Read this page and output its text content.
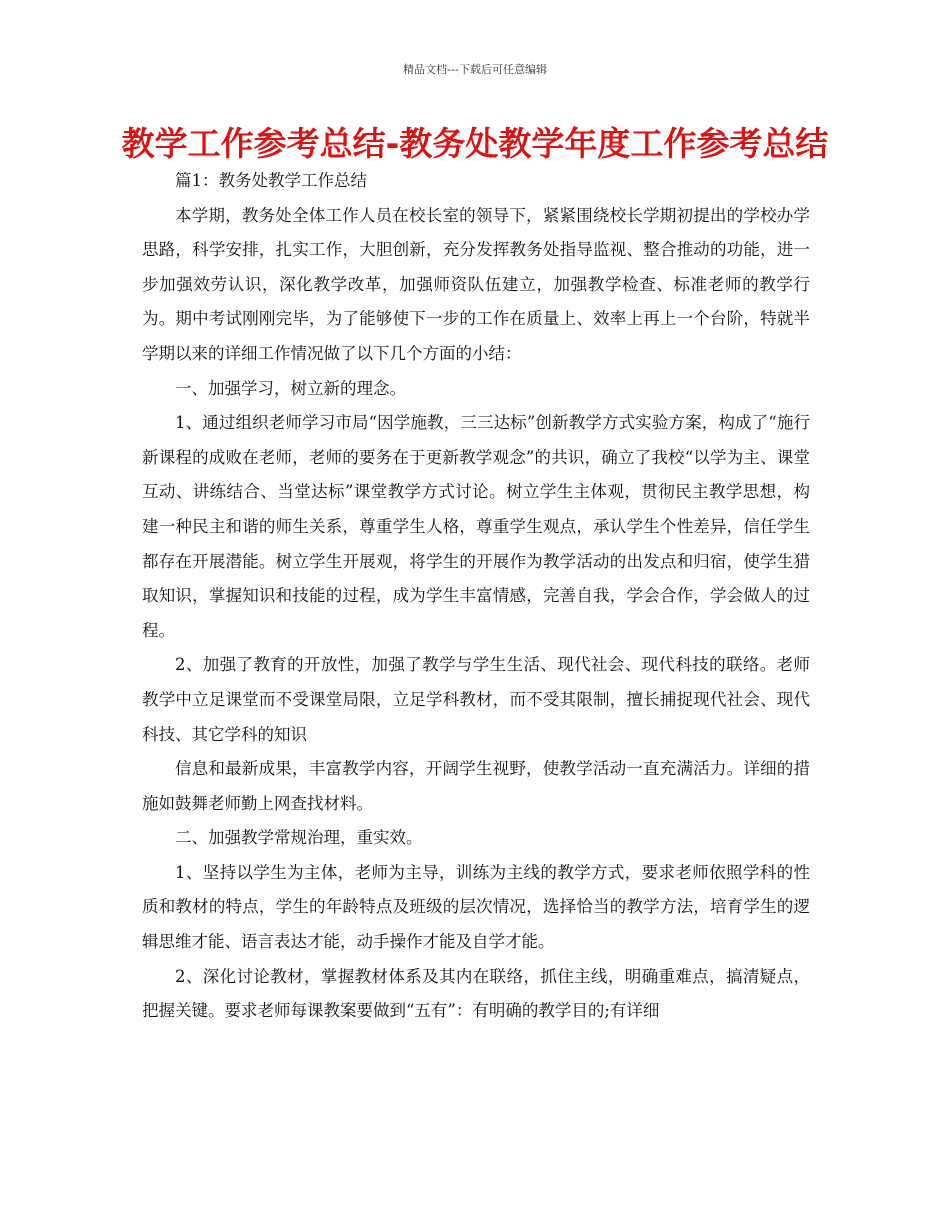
精品文档---下载后可任意编辑
教学工作参考总结-教务处教学年度工作参考总结

篇1：教务处教学工作总结

本学期，教务处全体工作人员在校长室的领导下，紧紧围绕校长学期初提出的学校办学思路，科学安排，扎实工作，大胆创新，充分发挥教务处指导监视、整合推动的功能，进一步加强效劳认识，深化教学改革，加强师资队伍建立，加强教学检查、标准老师的教学行为。期中考试刚刚完毕，为了能够使下一步的工作在质量上、效率上再上一个台阶，特就半学期以来的详细工作情况做了以下几个方面的小结：

一、加强学习，树立新的理念。

1、通过组织老师学习市局“因学施教，三三达标”创新教学方式实验方案，构成了“施行新课程的成败在老师，老师的要务在于更新教学观念”的共识，确立了我校“以学为主、课堂互动、讲练结合、当堂达标”课堂教学方式讨论。树立学生主体观，贯彻民主教学思想，构建一种民主和谐的师生关系，尊重学生人格，尊重学生观点，承认学生个性差异，信任学生都存在开展潜能。树立学生开展观，将学生的开展作为教学活动的出发点和归宿，使学生猎取知识，掌握知识和技能的过程，成为学生丰富情感，完善自我，学会合作，学会做人的过程。

2、加强了教育的开放性，加强了教学与学生生活、现代社会、现代科技的联络。老师教学中立足课堂而不受课堂局限，立足学科教材，而不受其限制，擅长捕捉现代社会、现代科技、其它学科的知识

信息和最新成果，丰富教学内容，开阔学生视野，使教学活动一直充满活力。详细的措施如鼓舞老师勤上网查找材料。

二、加强教学常规治理，重实效。

1、坚持以学生为主体，老师为主导，训练为主线的教学方式，要求老师依照学科的性质和教材的特点，学生的年龄特点及班级的层次情况，选择恰当的教学方法，培育学生的逻辑思维才能、语言表达才能，动手操作才能及自学才能。

2、深化讨论教材，掌握教材体系及其内在联络，抓住主线，明确重难点，搞清疑点，把握关键。要求老师每课教案要做到“五有”：有明确的教学目的;有详细
